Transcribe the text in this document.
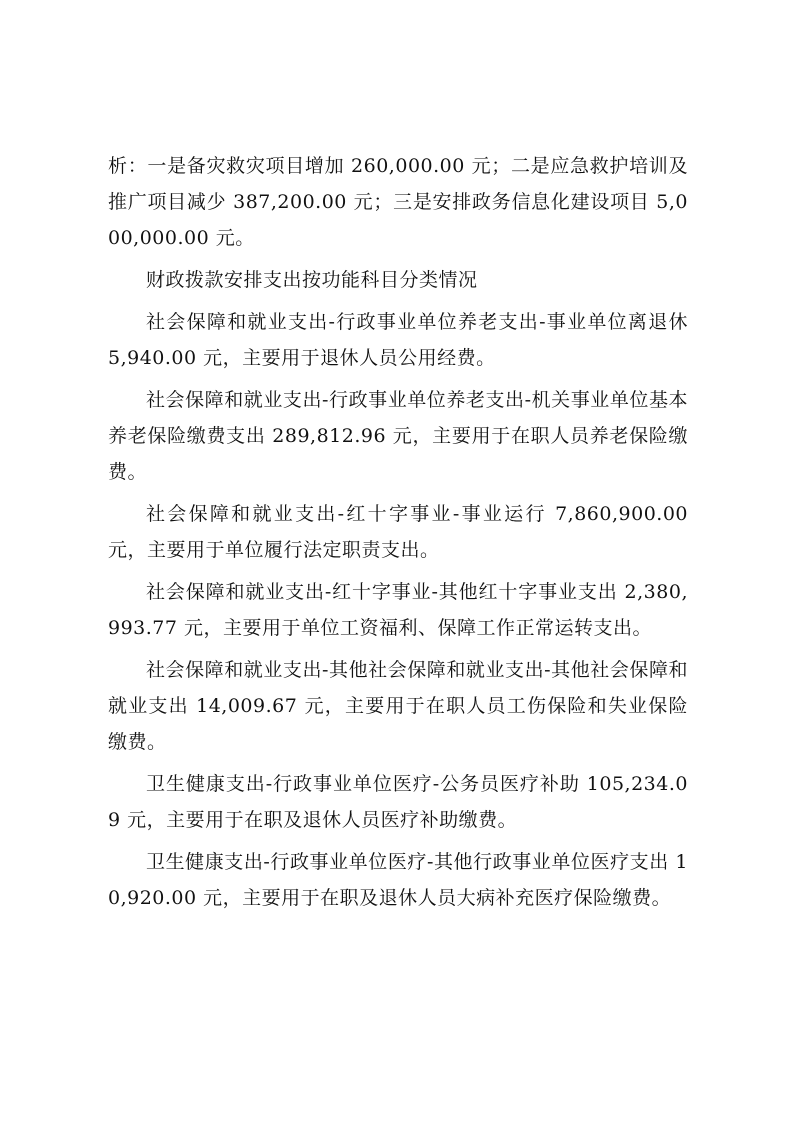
析：一是备灾救灾项目增加 260,000.00 元；二是应急救护培训及推广项目减少 387,200.00 元；三是安排政务信息化建设项目 5,000,000.00 元。

财政拨款安排支出按功能科目分类情况

社会保障和就业支出-行政事业单位养老支出-事业单位离退休 5,940.00 元，主要用于退休人员公用经费。

社会保障和就业支出-行政事业单位养老支出-机关事业单位基本养老保险缴费支出 289,812.96 元，主要用于在职人员养老保险缴费。

社会保障和就业支出-红十字事业-事业运行 7,860,900.00 元，主要用于单位履行法定职责支出。

社会保障和就业支出-红十字事业-其他红十字事业支出 2,380,993.77 元，主要用于单位工资福利、保障工作正常运转支出。

社会保障和就业支出-其他社会保障和就业支出-其他社会保障和就业支出 14,009.67 元，主要用于在职人员工伤保险和失业保险缴费。

卫生健康支出-行政事业单位医疗-公务员医疗补助 105,234.09 元，主要用于在职及退休人员医疗补助缴费。

卫生健康支出-行政事业单位医疗-其他行政事业单位医疗支出 10,920.00 元，主要用于在职及退休人员大病补充医疗保险缴费。
